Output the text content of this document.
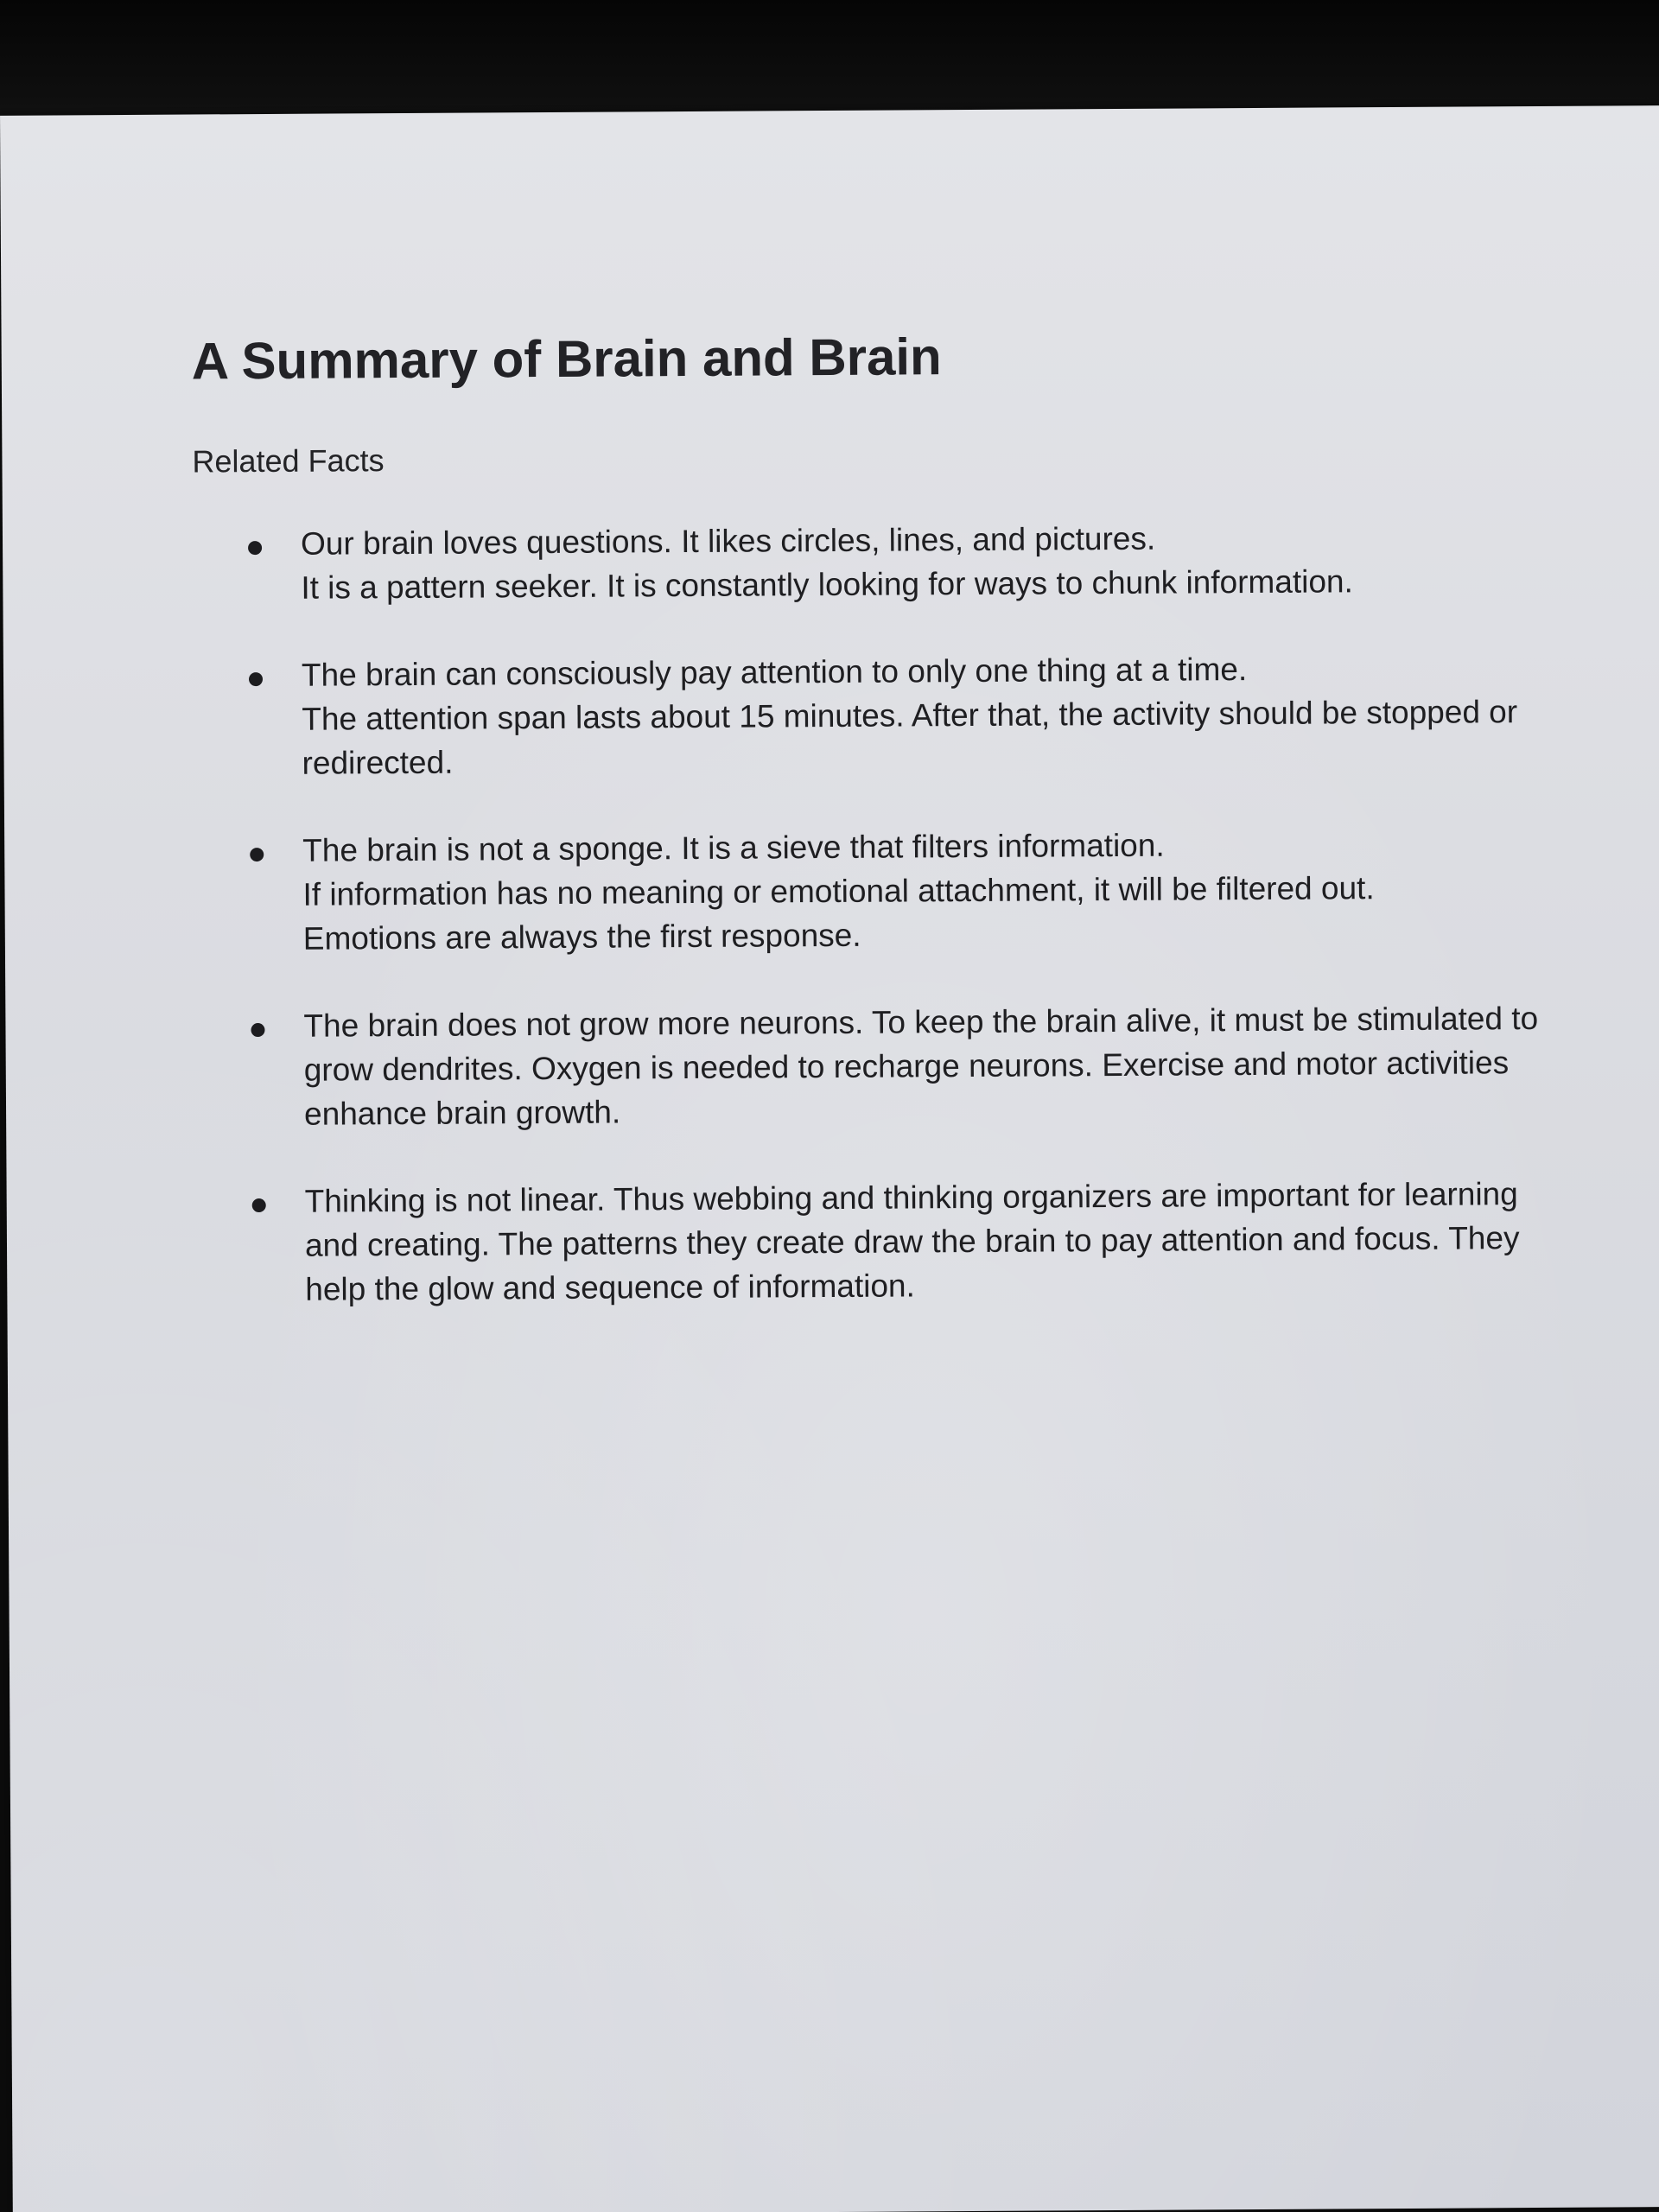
A Summary of Brain and Brain

Related Facts

Our brain loves questions. It likes circles, lines, and pictures.
It is a pattern seeker. It is constantly looking for ways to chunk information.
The brain can consciously pay attention to only one thing at a time.
The attention span lasts about 15 minutes. After that, the activity should be stopped or
redirected.
The brain is not a sponge. It is a sieve that filters information.
If information has no meaning or emotional attachment, it will be filtered out.
Emotions are always the first response.
The brain does not grow more neurons. To keep the brain alive, it must be stimulated to
grow dendrites. Oxygen is needed to recharge neurons. Exercise and motor activities
enhance brain growth.
Thinking is not linear. Thus webbing and thinking organizers are important for learning
and creating. The patterns they create draw the brain to pay attention and focus. They
help the glow and sequence of information.
